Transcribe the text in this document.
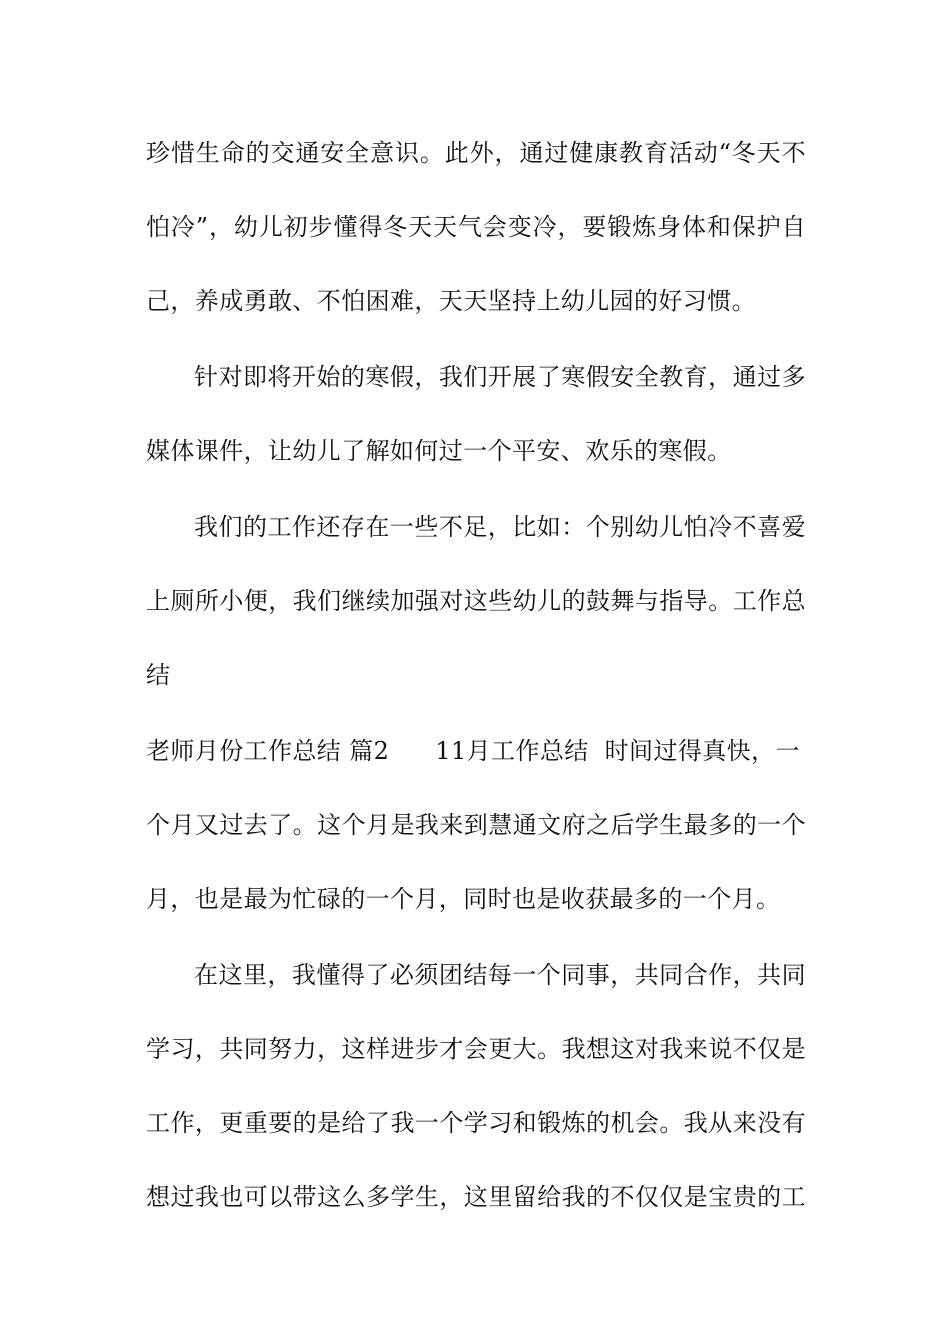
珍惜生命的交通安全意识。此外，通过健康教育活动“冬天不
怕冷”，幼儿初步懂得冬天天气会变冷，要锻炼身体和保护自
己，养成勇敢、不怕困难，天天坚持上幼儿园的好习惯。
针对即将开始的寒假，我们开展了寒假安全教育，通过多
媒体课件，让幼儿了解如何过一个平安、欢乐的寒假。
我们的工作还存在一些不足，比如：个别幼儿怕冷不喜爱
上厕所小便，我们继续加强对这些幼儿的鼓舞与指导。工作总
结
老师月份工作总结 篇2 11月工作总结 时间过得真快，一
个月又过去了。这个月是我来到慧通文府之后学生最多的一个
月，也是最为忙碌的一个月，同时也是收获最多的一个月。
在这里，我懂得了必须团结每一个同事，共同合作，共同
学习，共同努力，这样进步才会更大。我想这对我来说不仅是
工作，更重要的是给了我一个学习和锻炼的机会。我从来没有
想过我也可以带这么多学生，这里留给我的不仅仅是宝贵的工
